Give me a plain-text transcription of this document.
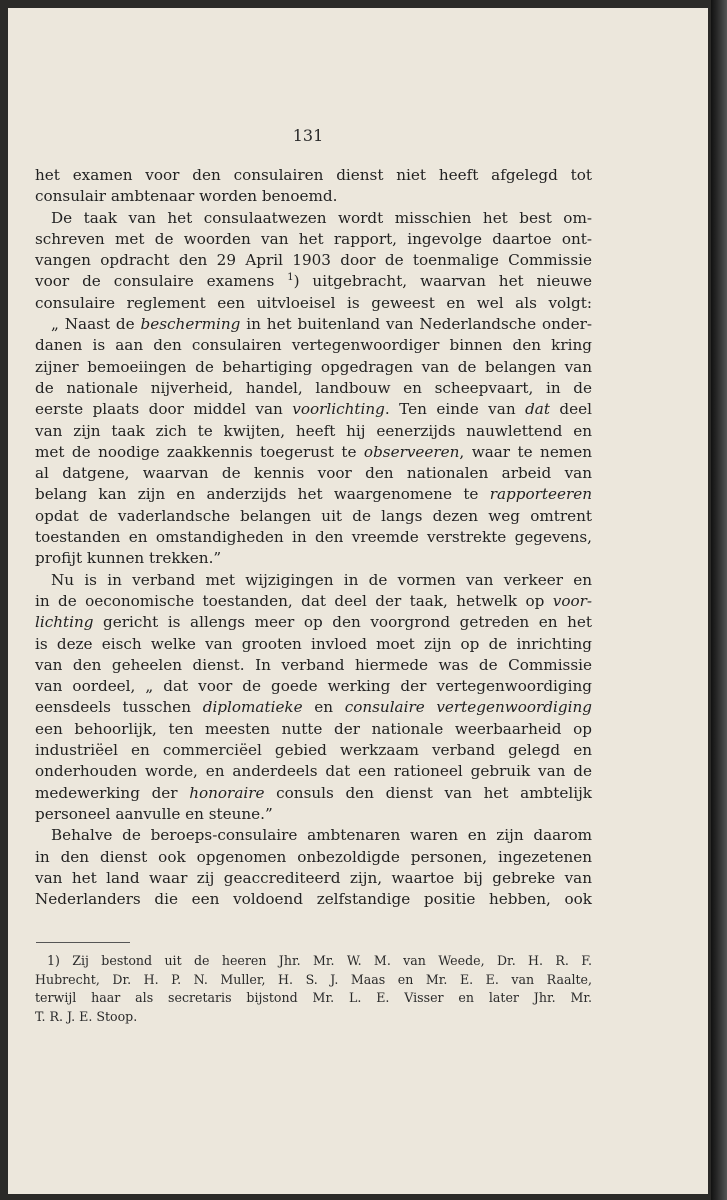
131
het examen voor den consulairen dienst niet heeft afgelegd tot
consulair ambtenaar worden benoemd.
De taak van het consulaatwezen wordt misschien het best om-
schreven met de woorden van het rapport, ingevolge daartoe ont-
vangen opdracht den 29 April 1903 door de toenmalige Commissie
voor de consulaire examens $^1$) uitgebracht, waarvan het nieuwe
consulaire reglement een uitvloeisel is geweest en wel als volgt:
„ Naast de bescherming in het buitenland van Nederlandsche onder-
danen is aan den consulairen vertegenwoordiger binnen den kring
zijner bemoeiingen de behartiging opgedragen van de belangen van
de nationale nijverheid, handel, landbouw en scheepvaart, in de
eerste plaats door middel van voorlichting. Ten einde van dat deel
van zijn taak zich te kwijten, heeft hij eenerzijds nauwlettend en
met de noodige zaakkennis toegerust te observeeren, waar te nemen
al datgene, waarvan de kennis voor den nationalen arbeid van
belang kan zijn en anderzijds het waargenomene te rapporteeren
opdat de vaderlandsche belangen uit de langs dezen weg omtrent
toestanden en omstandigheden in den vreemde verstrekte gegevens,
profijt kunnen trekken.”
Nu is in verband met wijzigingen in de vormen van verkeer en
in de oeconomische toestanden, dat deel der taak, hetwelk op voor-
lichting gericht is allengs meer op den voorgrond getreden en het
is deze eisch welke van grooten invloed moet zijn op de inrichting
van den geheelen dienst. In verband hiermede was de Commissie
van oordeel, „ dat voor de goede werking der vertegenwoordiging
eensdeels tusschen diplomatieke en consulaire vertegenwoordiging
een behoorlijk, ten meesten nutte der nationale weerbaarheid op
industriëel en commerciëel gebied werkzaam verband gelegd en
onderhouden worde, en anderdeels dat een rationeel gebruik van de
medewerking der honoraire consuls den dienst van het ambtelijk
personeel aanvulle en steune.”
Behalve de beroeps-consulaire ambtenaren waren en zijn daarom
in den dienst ook opgenomen onbezoldigde personen, ingezetenen
van het land waar zij geaccrediteerd zijn, waartoe bij gebreke van
Nederlanders die een voldoend zelfstandige positie hebben, ook
1) Zij bestond uit de heeren Jhr. Mr. W. M. van Weede, Dr. H. R. F.
Hubrecht, Dr. H. P. N. Muller, H. S. J. Maas en Mr. E. E. van Raalte,
terwijl haar als secretaris bijstond Mr. L. E. Visser en later Jhr. Mr.
T. R. J. E. Stoop.
